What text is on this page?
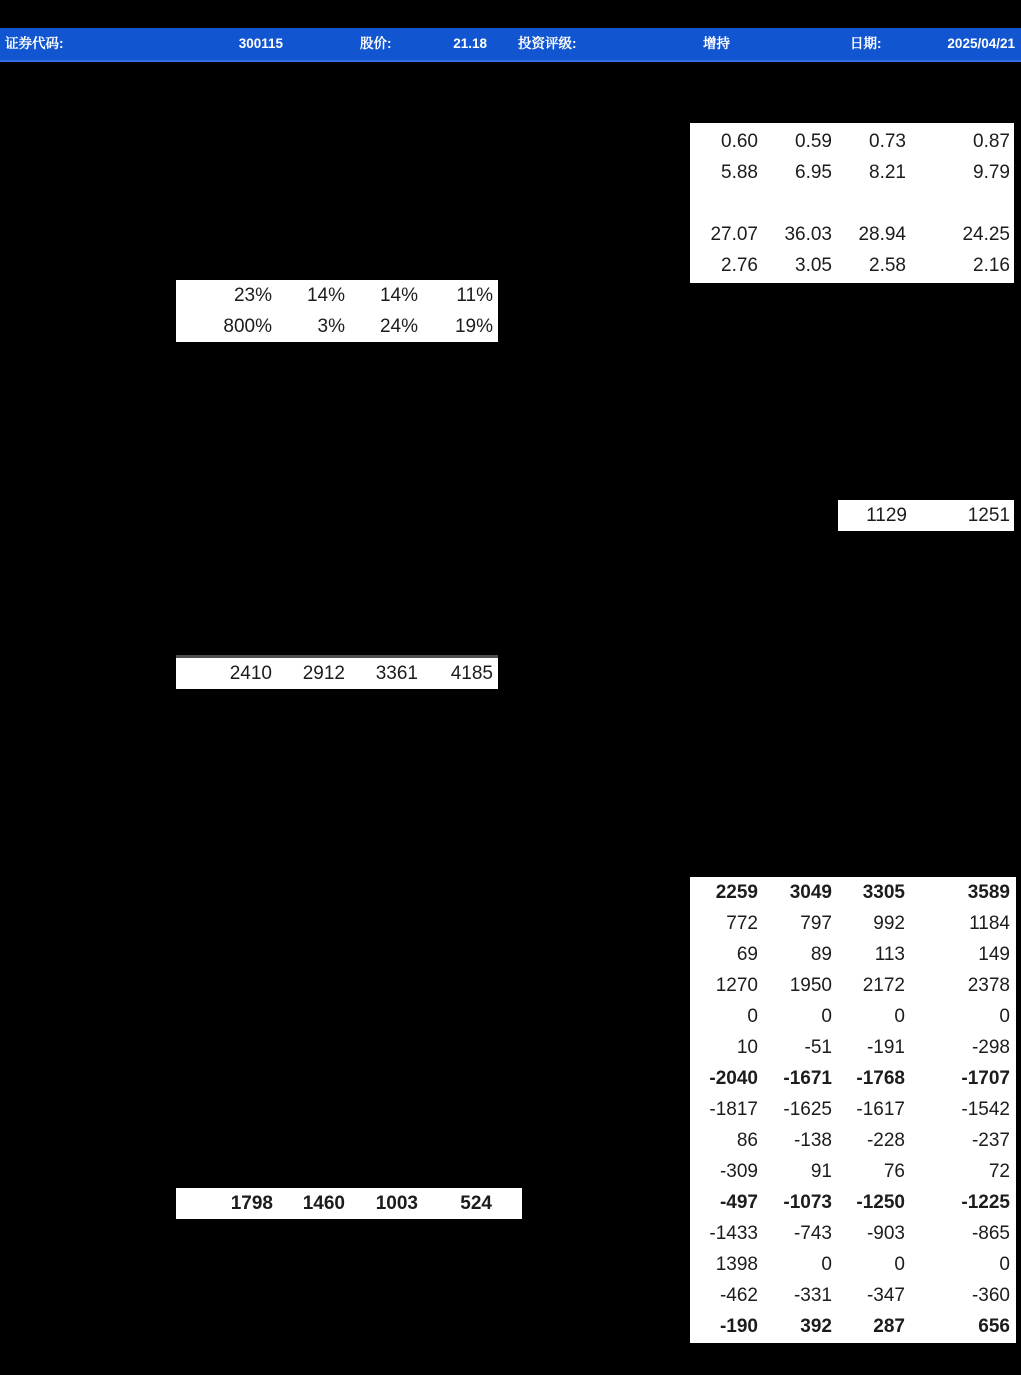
证券代码:	300115	股价:	21.18 投资评级:	增持	日期:	2025/04/21
0.60 0.59 0.73	0.87
5.88 6.95 8.21	9.79
27.07 36.03 28.94	24.25
2.76 3.05 2.58	2.16
23% 14% 14% 11%
800% 3% 24% 19%
1129	1251
2410 2912 3361 4185
2259 3049 3305	3589
772 797 992	1184
69	89 113	149
1270 1950 2172	2378
0	0	0	0
10 -51 -191	-298
-2040 -1671 -1768	-1707
-1817 -1625 -1617	-1542
86 -138 -228	-237
-309	91	76	72
-497 -1073 -1250	-1225
-1433 -743 -903	-865
1398	0	0	0
-462 -331 -347	-360
-190 392 287	656
1798 1460 1003 524
